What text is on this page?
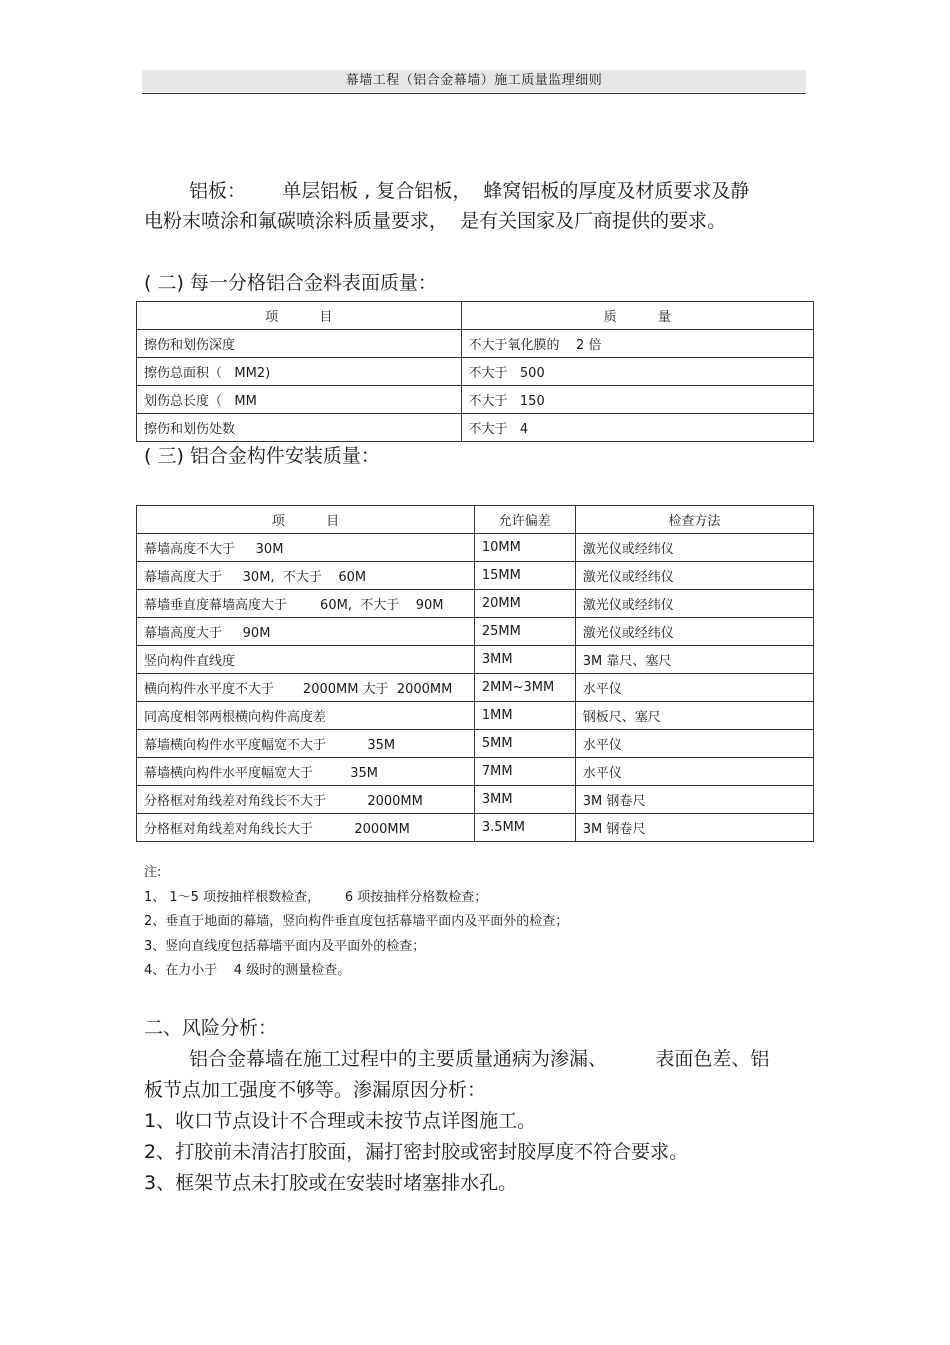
幕墙工程（铝合金幕墙）施工质量监理细则
铝板：      单层铝板 , 复合铝板，  蜂窝铝板的厚度及材质要求及静
电粉末喷涂和氟碳喷涂料质量要求，  是有关国家及厂商提供的要求。
( 二) 每一分格铝合金料表面质量：
项          目	质          量
擦伤和划伤深度	不大于氧化膜的    2 倍
擦伤总面积（   MM2)	不大于   500
划伤总长度（   MM	不大于   150
擦伤和划伤处数	不大于   4
( 三) 铝合金构件安装质量：
项          目	允许偏差	检查方法
幕墙高度不大于     30M	10MM	激光仪或经纬仪
幕墙高度大于     30M,  不大于    60M	15MM	激光仪或经纬仪
幕墙垂直度幕墙高度大于        60M,  不大于    90M	20MM	激光仪或经纬仪
幕墙高度大于     90M	25MM	激光仪或经纬仪
竖向构件直线度	3MM	3M 靠尺、塞尺
横向构件水平度不大于       2000MM 大于  2000MM	2MM~3MM	水平仪
同高度相邻两根横向构件高度差	1MM	钢板尺、塞尺
幕墙横向构件水平度幅宽不大于          35M	5MM	水平仪
幕墙横向构件水平度幅宽大于         35M	7MM	水平仪
分格框对角线差对角线长不大于          2000MM	3MM	3M 钢卷尺
分格框对角线差对角线长大于          2000MM	3.5MM	3M 钢卷尺
注:
1、 1～5 项按抽样根数检查，      6 项按抽样分格数检查；
2、垂直于地面的幕墙，竖向构件垂直度包括幕墙平面内及平面外的检查；
3、竖向直线度包括幕墙平面内及平面外的检查；
4、在力小于    4 级时的测量检查。
二、风险分析：
铝合金幕墙在施工过程中的主要质量通病为渗漏、        表面色差、铝
板节点加工强度不够等。渗漏原因分析：
1、收口节点设计不合理或未按节点详图施工。
2、打胶前未清洁打胶面，漏打密封胶或密封胶厚度不符合要求。
3、框架节点未打胶或在安装时堵塞排水孔。
